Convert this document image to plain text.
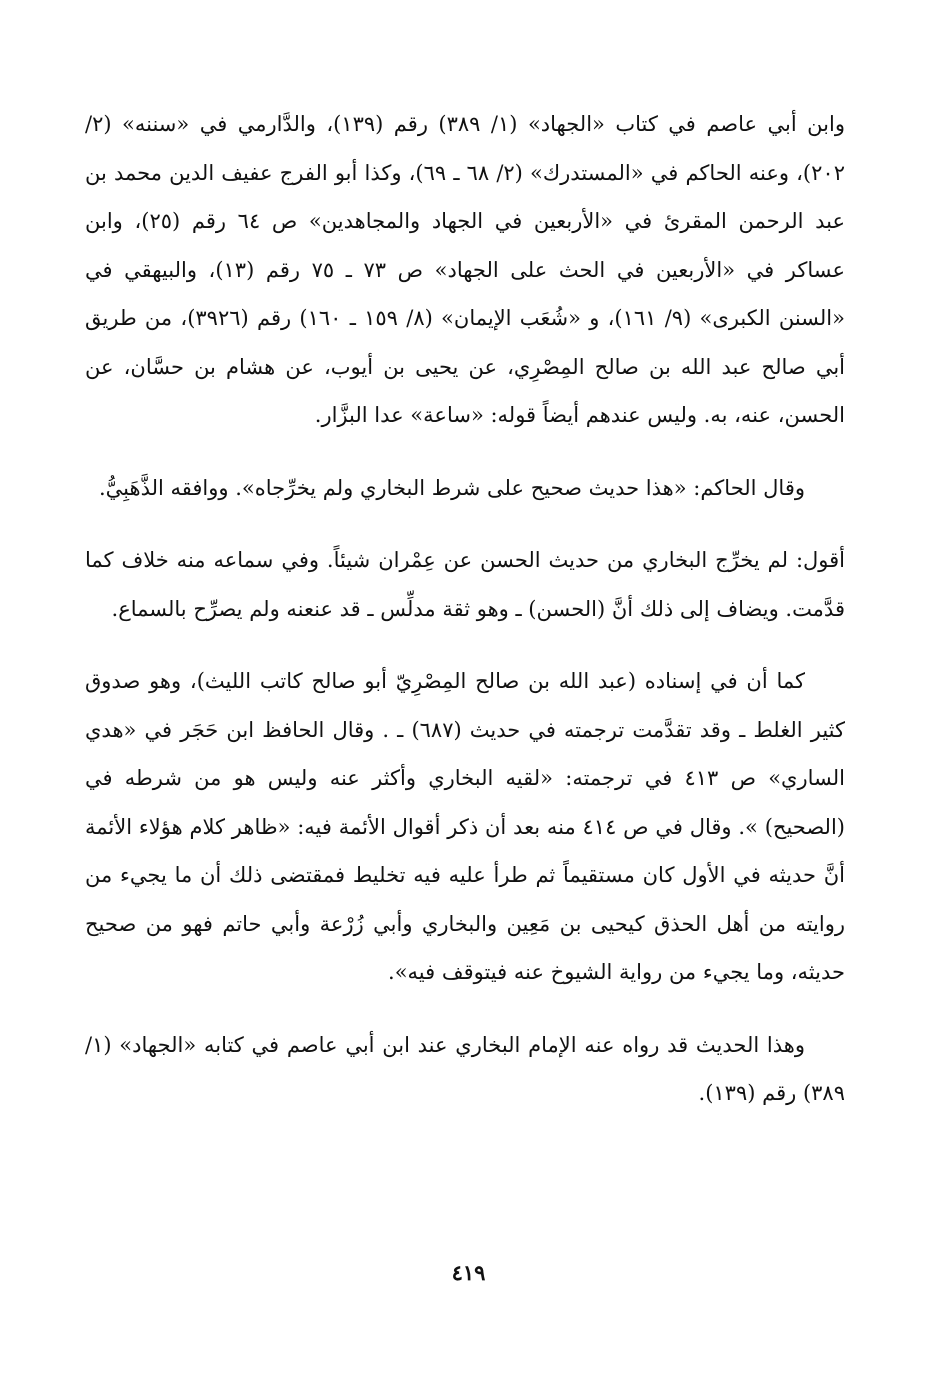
وابن أبي عاصم في كتاب «الجهاد» (١/ ٣٨٩) رقم (١٣٩)، والدَّارمي في «سننه» (٢/ ٢٠٢)، وعنه الحاكم في «المستدرك» (٢/ ٦٨ ـ ٦٩)، وكذا أبو الفرج عفيف الدين محمد بن عبد الرحمن المقرئ في «الأربعين في الجهاد والمجاهدين» ص ٦٤ رقم (٢٥)، وابن عساكر في «الأربعين في الحث على الجهاد» ص ٧٣ ـ ٧٥ رقم (١٣)، والبيهقي في «السنن الكبرى» (٩/ ١٦١)، و «شُعَب الإيمان» (٨/ ١٥٩ ـ ١٦٠) رقم (٣٩٢٦)، من طريق أبي صالح عبد الله بن صالح المِصْرِي، عن يحيى بن أيوب، عن هشام بن حسَّان، عن الحسن، عنه، به. وليس عندهم أيضاً قوله: «ساعة» عدا البزَّار.

وقال الحاكم: «هذا حديث صحيح على شرط البخاري ولم يخرِّجاه». ووافقه الذَّهَبِيُّ.

أقول: لم يخرِّج البخاري من حديث الحسن عن عِمْران شيئاً. وفي سماعه منه خلاف كما قدَّمت. ويضاف إلى ذلك أنَّ (الحسن) ـ وهو ثقة مدلِّس ـ قد عنعنه ولم يصرِّح بالسماع.

كما أن في إسناده (عبد الله بن صالح المِصْرِيّ أبو صالح كاتب الليث)، وهو صدوق كثير الغلط ـ وقد تقدَّمت ترجمته في حديث (٦٨٧) ـ . وقال الحافظ ابن حَجَر في «هدي الساري» ص ٤١٣ في ترجمته: «لقيه البخاري وأكثر عنه وليس هو من شرطه في (الصحيح) ». وقال في ص ٤١٤ منه بعد أن ذكر أقوال الأئمة فيه: «ظاهر كلام هؤلاء الأئمة أنَّ حديثه في الأول كان مستقيماً ثم طرأ عليه فيه تخليط فمقتضى ذلك أن ما يجيء من روايته من أهل الحذق كيحيى بن مَعِين والبخاري وأبي زُرْعة وأبي حاتم فهو من صحيح حديثه، وما يجيء من رواية الشيوخ عنه فيتوقف فيه».

وهذا الحديث قد رواه عنه الإمام البخاري عند ابن أبي عاصم في كتابه «الجهاد» (١/ ٣٨٩) رقم (١٣٩).

٤١٩
